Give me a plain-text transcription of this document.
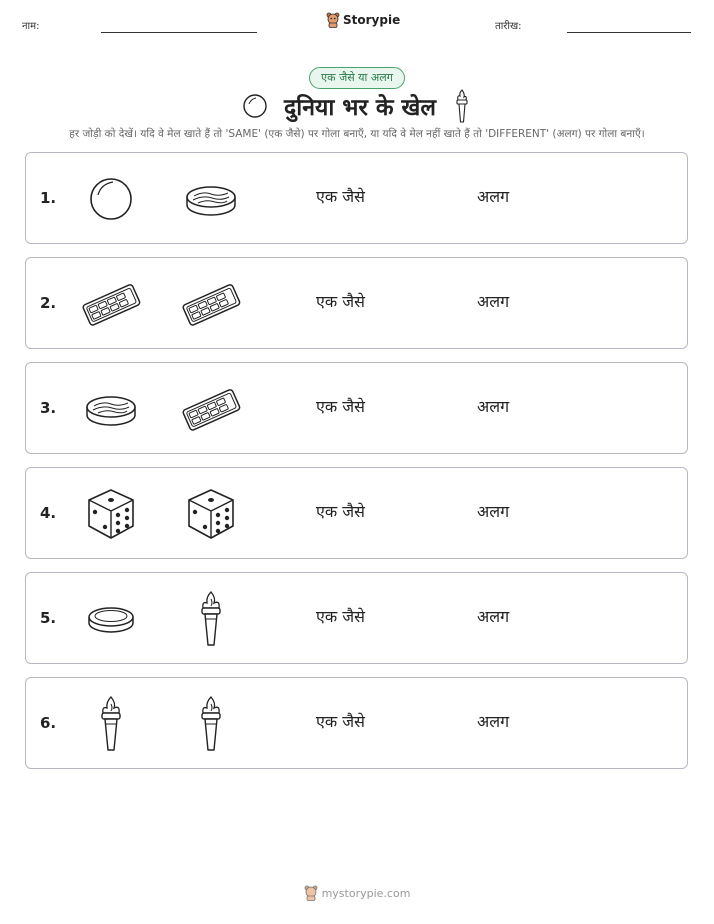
नाम:	Storypie	तारीख:
एक जैसे या अलग
दुनिया भर के खेल
हर जोड़ी को देखें। यदि वे मेल खाते हैं तो 'SAME' (एक जैसे) पर गोला बनाएँ, या यदि वे मेल नहीं खाते हैं तो 'DIFFERENT' (अलग) पर गोला बनाएँ।
1.	एक जैसे	अलग
2.	एक जैसे	अलग
3.	एक जैसे	अलग
4.	एक जैसे	अलग
5.	एक जैसे	अलग
6.	एक जैसे	अलग
mystorypie.com
